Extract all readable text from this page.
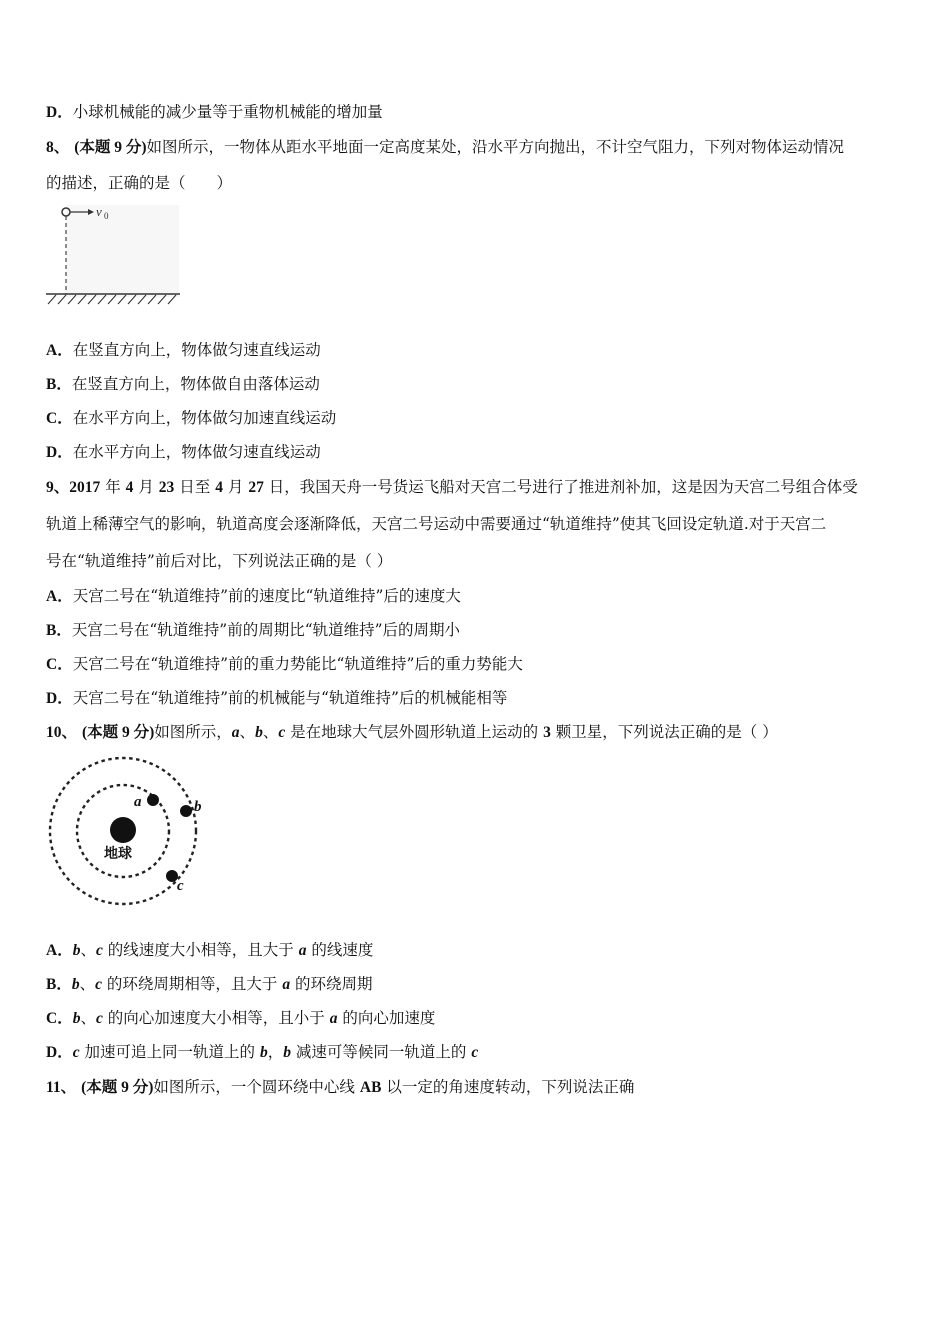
D．小球机械能的减少量等于重物机械能的增加量
8、 (本题 9 分)如图所示，一物体从距水平地面一定高度某处，沿水平方向抛出，不计空气阻力，下列对物体运动情况
的描述，正确的是（　　）
v 0
A．在竖直方向上，物体做匀速直线运动
B．在竖直方向上，物体做自由落体运动
C．在水平方向上，物体做匀加速直线运动
D．在水平方向上，物体做匀速直线运动
9、2017 年 4 月 23 日至 4 月 27 日，我国天舟一号货运飞船对天宫二号进行了推进剂补加，这是因为天宫二号组合体受
轨道上稀薄空气的影响，轨道高度会逐渐降低，天宫二号运动中需要通过“轨道维持”使其飞回设定轨道.对于天宫二
号在“轨道维持”前后对比，下列说法正确的是（ ）
A．天宫二号在“轨道维持”前的速度比“轨道维持”后的速度大
B．天宫二号在“轨道维持”前的周期比“轨道维持”后的周期小
C．天宫二号在“轨道维持”前的重力势能比“轨道维持”后的重力势能大
D．天宫二号在“轨道维持”前的机械能与“轨道维持”后的机械能相等
10、 (本题 9 分)如图所示，a、b、c 是在地球大气层外圆形轨道上运动的 3 颗卫星，下列说法正确的是（ ）
地球
a	b
c
A．b、c 的线速度大小相等，且大于 a 的线速度
B．b、c 的环绕周期相等，且大于 a 的环绕周期
C．b、c 的向心加速度大小相等，且小于 a 的向心加速度
D．c 加速可追上同一轨道上的 b，b 减速可等候同一轨道上的 c
11、 (本题 9 分)如图所示，一个圆环绕中心线 AB 以一定的角速度转动，下列说法正确
